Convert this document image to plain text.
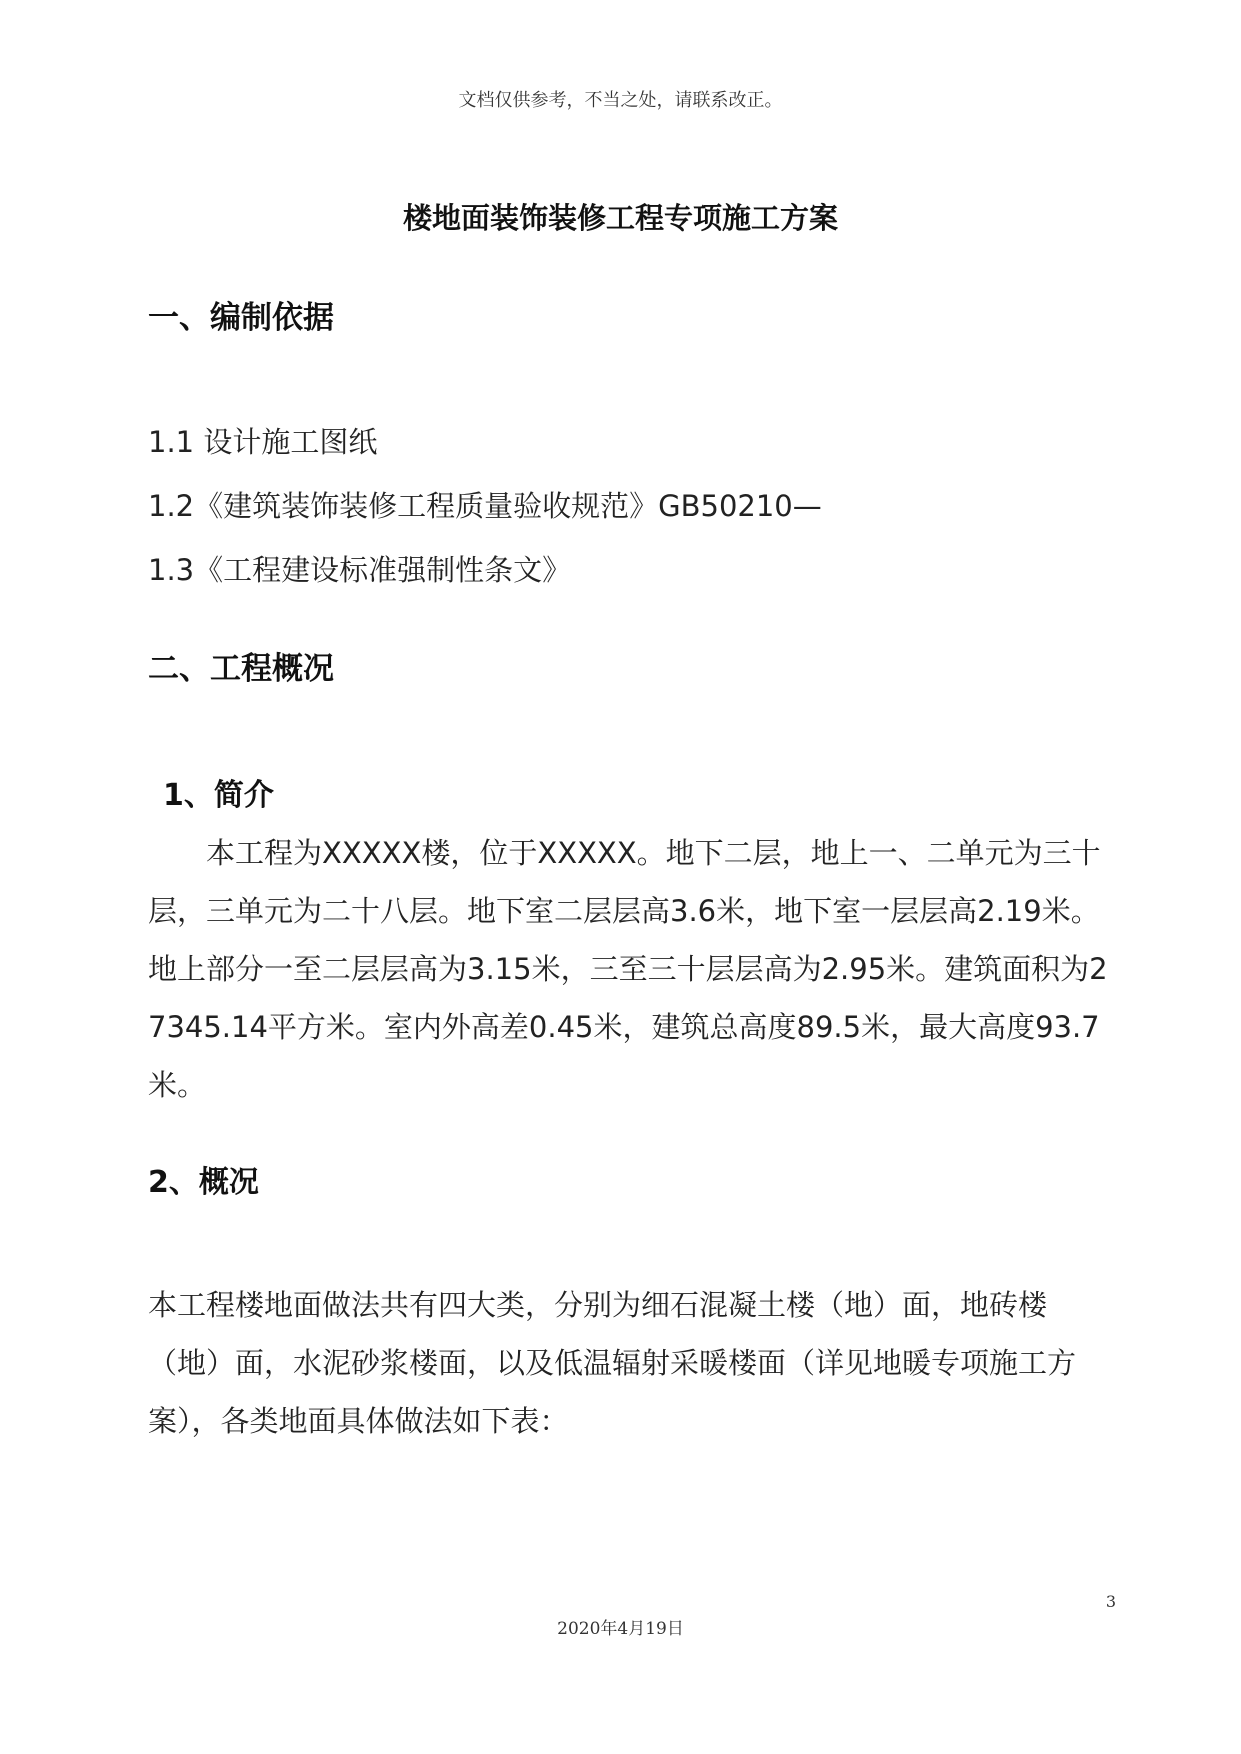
文档仅供参考，不当之处，请联系改正。
楼地面装饰装修工程专项施工方案
一、编制依据
1.1 设计施工图纸
1.2《建筑装饰装修工程质量验收规范》GB50210—
1.3《工程建设标准强制性条文》
二、工程概况
1、简介

本工程为XXXXX楼，位于XXXXX。地下二层，地上一、二单元为三十层，三单元为二十八层。地下室二层层高3.6米，地下室一层层高2.19米。地上部分一至二层层高为3.15米，三至三十层层高为2.95米。建筑面积为27345.14平方米。室内外高差0.45米，建筑总高度89.5米，最大高度93.7米。

2、概况

本工程楼地面做法共有四大类，分别为细石混凝土楼（地）面，地砖楼（地）面，水泥砂浆楼面，以及低温辐射采暖楼面（详见地暖专项施工方案），各类地面具体做法如下表：

3
2020年4月19日
